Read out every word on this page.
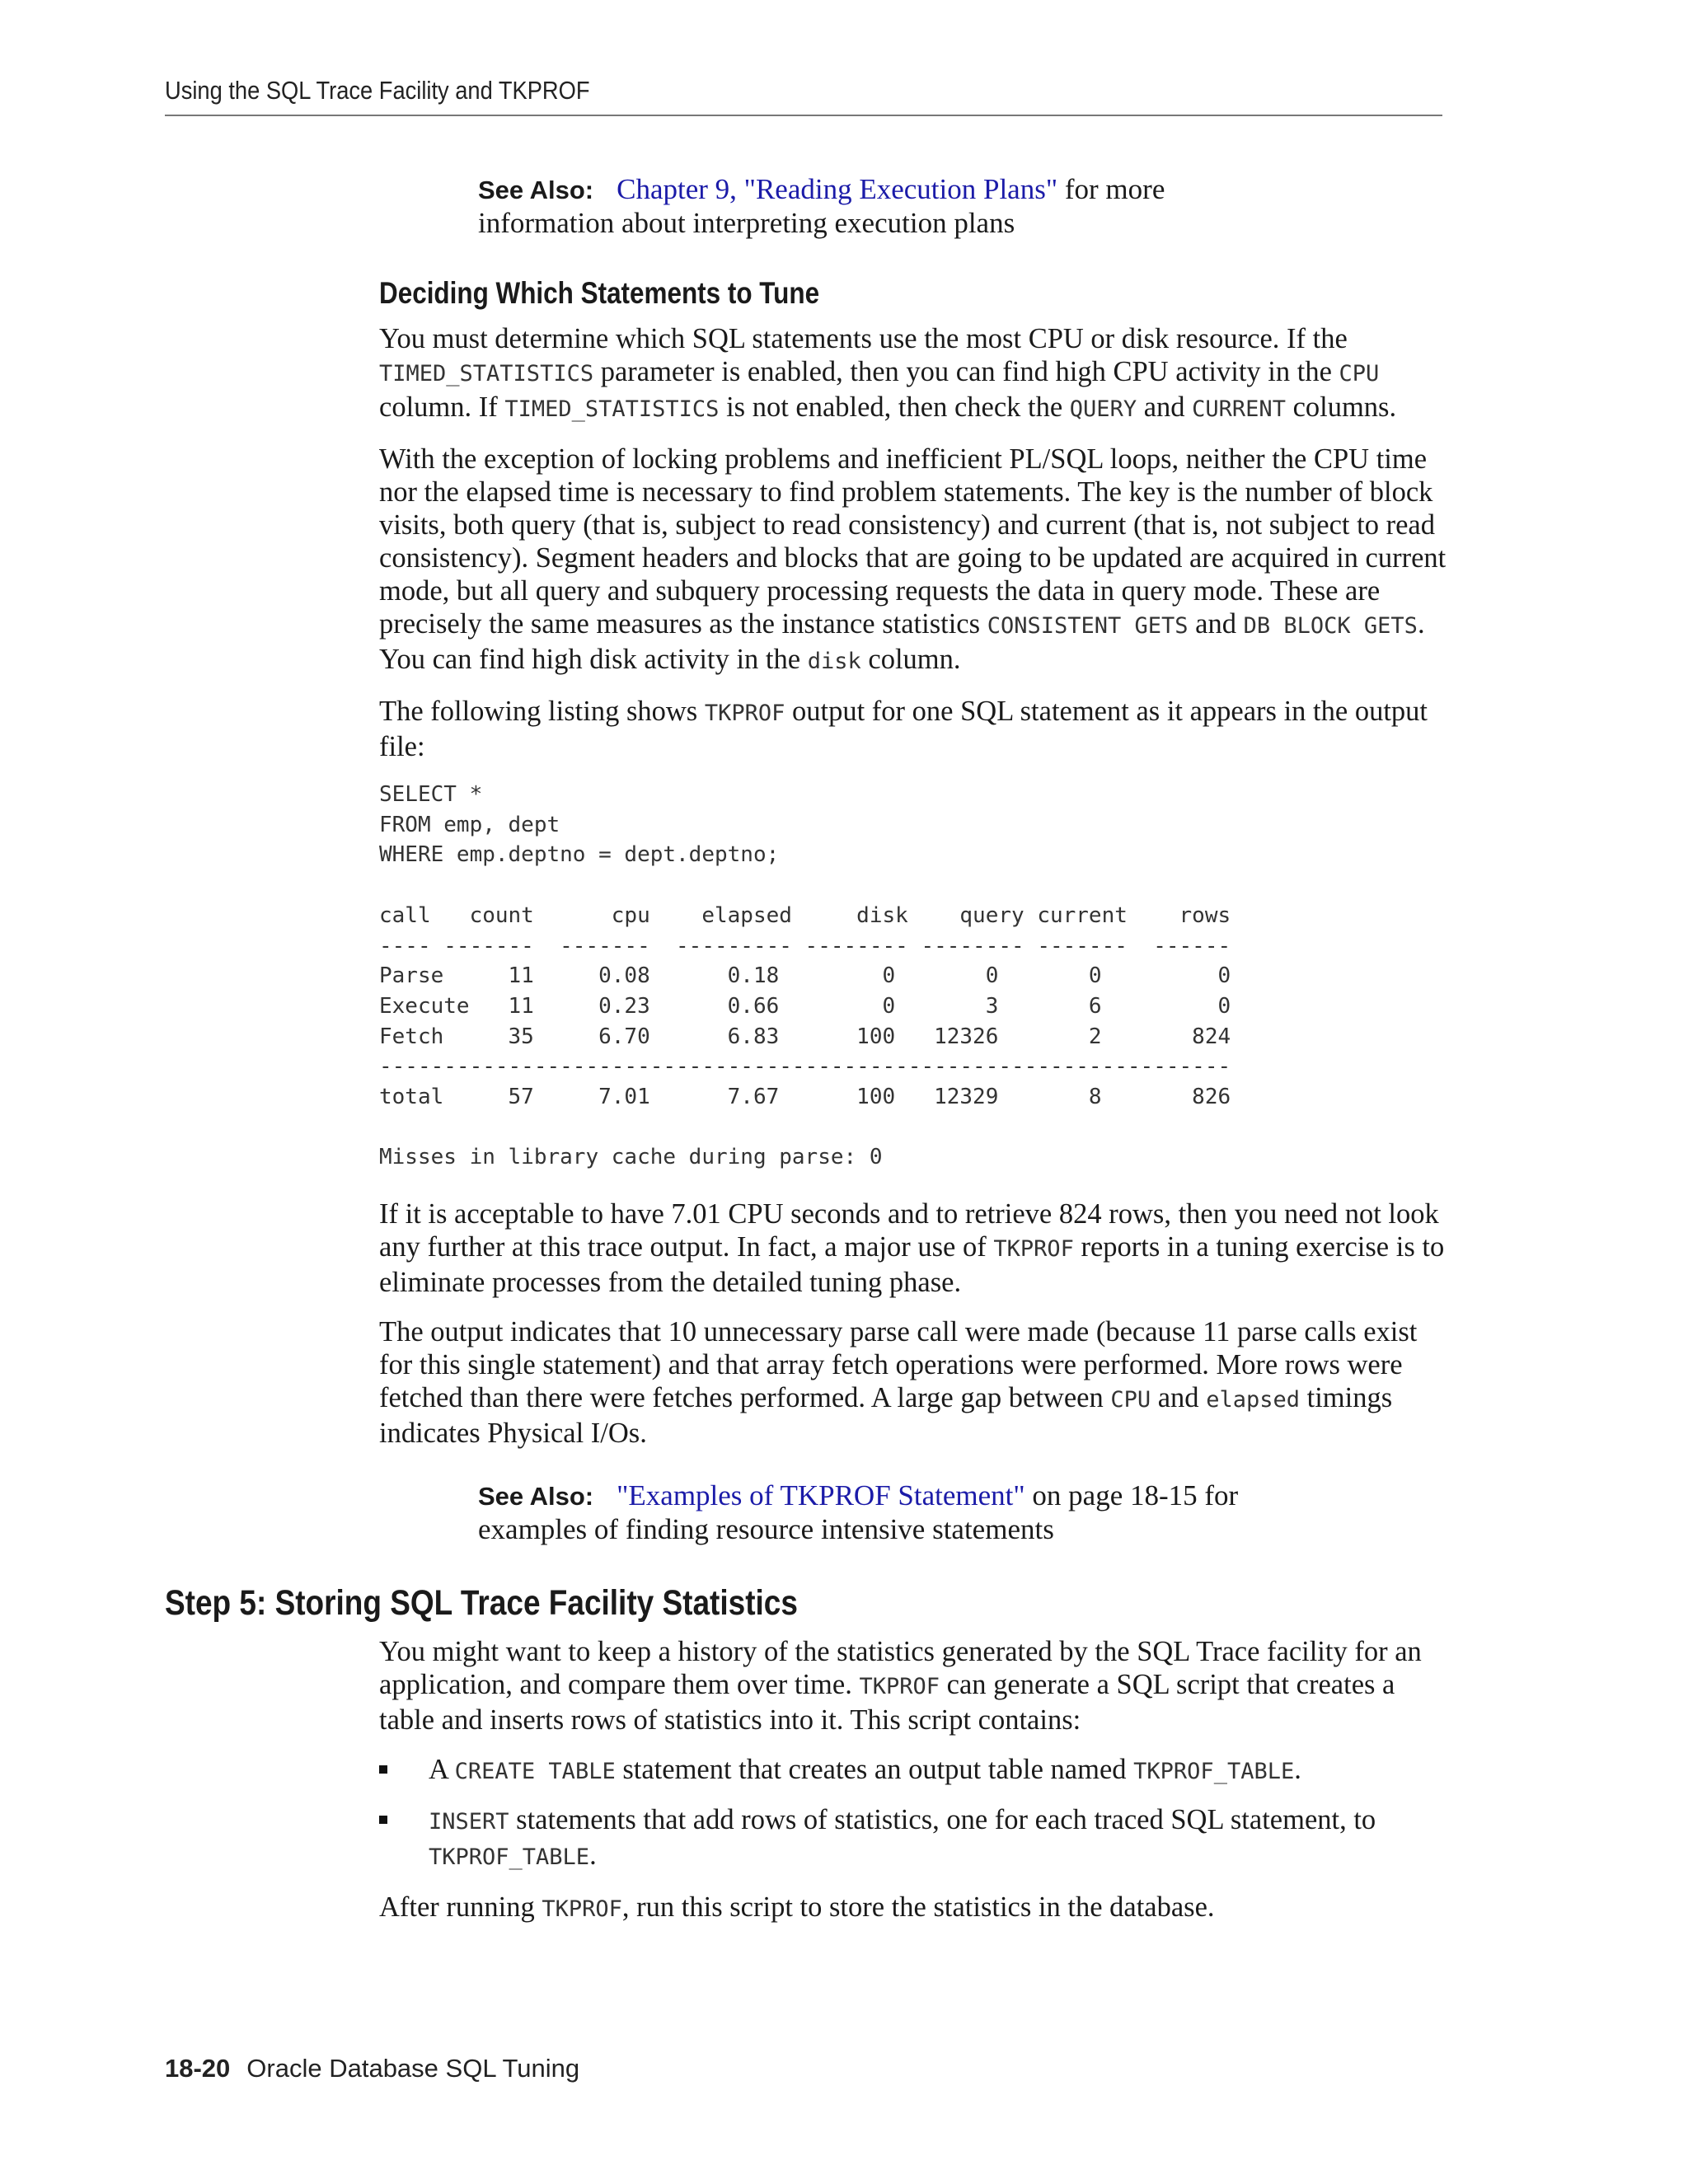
Using the SQL Trace Facility and TKPROF
See Also: Chapter 9, "Reading Execution Plans" for more
information about interpreting execution plans
Deciding Which Statements to Tune

You must determine which SQL statements use the most CPU or disk resource. If the TIMED_STATISTICS parameter is enabled, then you can find high CPU activity in the CPU column. If TIMED_STATISTICS is not enabled, then check the QUERY and CURRENT columns.

With the exception of locking problems and inefficient PL/SQL loops, neither the CPU time nor the elapsed time is necessary to find problem statements. The key is the number of block visits, both query (that is, subject to read consistency) and current (that is, not subject to read consistency). Segment headers and blocks that are going to be updated are acquired in current mode, but all query and subquery processing requests the data in query mode. These are precisely the same measures as the instance statistics CONSISTENT GETS and DB BLOCK GETS. You can find high disk activity in the disk column.

The following listing shows TKPROF output for one SQL statement as it appears in the output file:

SELECT *
FROM emp, dept
WHERE emp.deptno = dept.deptno;

call   count      cpu    elapsed     disk    query current    rows
---- -------  -------  --------- -------- -------- -------  ------
Parse     11     0.08      0.18        0       0       0         0
Execute   11     0.23      0.66        0       3       6         0
Fetch     35     6.70      6.83      100   12326       2       824
------------------------------------------------------------------
total     57     7.01      7.67      100   12329       8       826

Misses in library cache during parse: 0

If it is acceptable to have 7.01 CPU seconds and to retrieve 824 rows, then you need not look any further at this trace output. In fact, a major use of TKPROF reports in a tuning exercise is to eliminate processes from the detailed tuning phase.

The output indicates that 10 unnecessary parse call were made (because 11 parse calls exist for this single statement) and that array fetch operations were performed. More rows were fetched than there were fetches performed. A large gap between CPU and elapsed timings indicates Physical I/Os.

See Also: "Examples of TKPROF Statement" on page 18-15 for
examples of finding resource intensive statements
Step 5: Storing SQL Trace Facility Statistics

You might want to keep a history of the statistics generated by the SQL Trace facility for an application, and compare them over time. TKPROF can generate a SQL script that creates a table and inserts rows of statistics into it. This script contains:

A CREATE TABLE statement that creates an output table named TKPROF_TABLE.
INSERT statements that add rows of statistics, one for each traced SQL statement, to TKPROF_TABLE.

After running TKPROF, run this script to store the statistics in the database.

18-20 Oracle Database SQL Tuning
